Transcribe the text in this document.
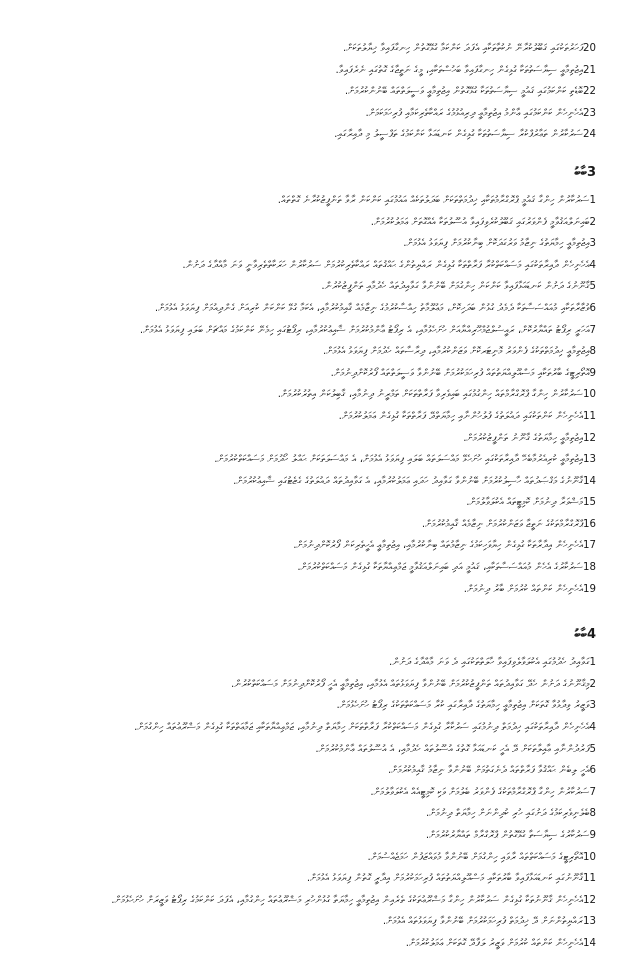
20ފަހަރުތަކުގައި ޤަބޫލުކުރާނޭ ނުކުތާތަކާއި އެފަދަ ކަންކަމާ ގުޅޭގޮތުން ހިނގާފައިވާ ޚިޔާލުތަކަށް.
21އިޖުތިމާޢީ ސިޔާސަތުތަކާ ގުޅިގެން ހިނގާފައިވާ ބަހުސްތަކާއި، މީގެ ނަތީޖާގެ ގޮތުގައި ނެރެފައިވާ.
22ބޮޑެތި ކަންކަމުގައި ޤައުމީ ސިޔާސަތުތަކާ ގުޅޭގޮތުން އިޖުތިމާޢީ ވަސީލަތްތައް ބޭނުންކުރުމަށް.
23އެހެނިހެން ކަންކަމުގައި ޢާންމު އިޖުތިމާޢީ ދިރިއުޅުމުގެ ރައްކާތެރިކަމާއި ފުރިހަމަކަމަށް.
24ސަރުކާރުން ތަޢާރުފްކުރާ ސިޔާސަތުތަކާ ގުޅިގެން ކަނޑައަޅާ ކަންކަމުގެ ތަފްސީލު މި ދާއިރާގައި.
3ބާބު
1ސަރުކާރުން ހިންގާ ޤައުމީ ޕްރޮގްރާމުތަކާއި ޚިދުމަތްތަކަށް ބަދަލުތަކެއް އައުމުގައި ކަންކަން ރާވާ ތަންފީޒުކުރާނެ ގޮތްތައް.
2ބައިނަލްއަޤުވާމީ ފެންވަރުގައި ޤަބޫލުކުރެވިފައިވާ އުސޫލުތަކާ އެއްގޮތަށް ޢަމަލުކުރުމަށް.
3އިޖުތިމާޢީ ހިމާޔަތުގެ ނިޒާމު ވަރުގަދަކޮށް ބިނާކުރުމަށް ފިޔަވަޅު އެޅުމަށް.
4އެހެނިހެން ދާއިރާތަކުގައި މަސައްކަތްކުރާ ފަރާތްތަކާ ގުޅިގެން ރައްޔިތުންގެ ޙައްޤުތައް ރައްކާތެރިކުރުމަށް ސަރުކާރުން ހަރަކާތްތެރިވާނީ ވަނަ މާއްދާގެ ދަށުން.
5ޤާނޫނުގެ ދަށުން ކަނޑައަޅާފައިވާ ކަންކަން ހިންގުމަށް ބޭނުންވާ ގަވާއިދުތައް ހެދުމާއި ތަންފީޒުކުރުން.
6ވުޒާރާތަކާއި މުއައްސަސާތަކާ ދެމެދު ގުޅުން ބަދަހިކޮށް، މަޢުލޫމާތު ހިއްސާކުރުމުގެ ނިޒާމެއް ޤާއިމުކުރުމާއި، އެކަމާ ގުޅޭ ކަންކަން ކުރިއަށް ގެންދިއުމަށް ފިޔަވަޅު އެޅުމަށް.
7އަހަރީ ރިޕޯޓު ތައްޔާރުކޮށް، ރައީސުލްޖުމްހޫރިއްޔާއަށް ހުށަހެޅުމާއި، އެ ރިޕޯޓު ޢާންމުކުރުމަށް ޝާއިޢުކުރުމާއި، ރިޕޯޓުގައި ހިމެނޭ ކަންކަމުގެ މައްޗަށް ބަލައި ފިޔަވަޅު އެޅުމަށް.
8އިޖުތިމާޢީ ޚިދުމަތްތަކުގެ ފެންވަރު މޮނިޓަރކޮށް ވަޒަންކުރުމާއި، ދިރާސާތައް ހެދުމަށް ފިޔަވަޅު އެޅުމަށް.
9އޮތޯރިޓީގެ ބާރުތަކާއި މަސްއޫލިއްޔަތުތައް ފުރިހަމަކުރުމަށް ބޭނުންވާ ވަސީލަތްތައް ފޯރުކޮށްދިނުމަށް.
10ސަރުކާރުން ހިންގާ ޕްރޮގްރާމްތައް ހިންގުމުގައި ބައިވެރިވާ ފަރާތްތަކަށް ތަމްރީނު ދިނުމާއި، ޤާބިލުކަން އިތުރުކުރުމަށް.
11އެހެނިހެން ކަންތަކުގައި ދައުލަތުގެ ފުލުހުންނާއި ހިމާޔަތްދޭ ފަރާތްތަކާ ގުޅިގެން ޢަމަލުކުރުމަށް.
12އިޖުތިމާޢީ ހިމާޔަތުގެ ޤާނޫނު ތަންފީޒުކުރުމަށް.
13އިޖުތިމާޢީ ކުރިއެރުމާބެހޭ ދާއިރާތަކުގައި ހުށަހެޅޭ މައްސަލަތައް ބަލައި ފިޔަވަޅު އެޅުމަށް، އެ މައްސަލަތަކަށް ޙައްލު ހޯދުމަށް މަސައްކަތްކުރުމަށް.
14ޤާނޫނުގެ މަޤްޞަދުތައް ހާސިލުކުރުމަށް ބޭނުންވާ ގަވާއިދު ހަދައި ޢަމަލުކުރުމާއި، އެ ގަވާއިދުތައް ދައުލަތުގެ ގެޒެޓުގައި ޝާއިޢުކުރުމަށް.
15މަޝްވަރާ ދިނުމަށް ކޮމިޓީތައް އެކުލަވާލުމަށް.
16ޕްރޮގްރާމްތަކުގެ ނަތީޖާ ވަޒަންކުރުމަށް ނިޒާމެއް ޤާއިމުކުރުމަށް.
17އެހެނިހެން އިދާރާތަކާ ގުޅިގެން ހިޔާވަހިކަމުގެ ނިޒާމުތައް ބިނާކުރުމާއި، އިޖުތިމާޢީ އެހީތެރިކަން ފޯރުކޮށްދިނުމަށް.
18ސަރުކާރުގެ އެހެން މުއައްސަސާތަކާއި، ޤައުމީ އަދި ބައިނަލްއަޤުވާމީ ޖަމްޢިއްޔާތަކާ ގުޅިގެން މަސައްކަތްކުރުމަށް.
19އެހެނިހެން ކަންތައް ކުރުމަށް ބާރު ދިނުމަށް.
4ބާބު
1ގަވާއިދު ހެދުމުގައި އެކުލަވާލެވިފައިވާ ހާލަތްތަކުގައި ދެ ވަނަ މާއްދާގެ ދަށުން.
2މިޤާނޫނުގެ ދަށުން ހެދޭ ގަވާއިދުތައް ތަންފީޒުކުރުމަށް ބޭނުންވާ ފިޔަވަޅުތައް އެޅުމާއި، އިޖުތިމާޢީ އެހީ ފޯރުކޮށްދިނުމަށް މަސައްކަތްކުރުން.
3ވަޒީރު ވިދާޅުވާ ގޮތަކަށް އިޖުތިމާޢީ ހިމާޔަތުގެ ދާއިރާގައި ކުރާ މަސައްކަތްތަކުގެ ރިޕޯޓު ހުށަހެޅުމަށް.
4އެހެނިހެން ދާއިރާތަކުގައި ޚިދުމަތް ދިނުމުގައި ސަރުކާރާ ގުޅިގެން މަސައްކަތްކުރާ ފަރާތްތަކަށް ހިމާޔަތް ދިނުމާއި، ޖަމްޢިއްޔާތަކާއި ޖަމާޢަތްތަކާ ގުޅިގެން މަޝްރޫޢުތައް ހިންގުމަށް.
5ފަރުދުންނާއި ޢާއިލާތަކަށް ދޭ އެހީ ކަނޑައަޅާ ގޮތުގެ އުސޫލުތައް ހެދުމާއި، އެ އުސޫލުތައް ޢާންމުކުރުމަށް.
6އެހީ ލިބެން ޙައްޤުވާ ފަރާތްތައް ދެނެގަތުމަށް ބޭނުންވާ ނިޒާމު ޤާއިމުކުރުމަށް.
7ސަރުކާރުން ހިންގާ ޕްރޮގްރާމްތަކުގެ ފެންވަރު ބެލުމަށް ވަކި ކޮމިޓީއެއް އެކުލަވާލުމަށް.
8ބެލެނިވެރިކަމުގެ ދަށުގައި ހުރި ކުދިންނަށް ހިމާޔަތް ދިނުމަށް.
9ސަރުކާރުގެ ސިޔާސަތާ ގުޅޭގޮތުން ޕްރޮގްރާމް ތައްޔާރުކުރުމަށް.
10އޮތޯރިޓީގެ މަސައްކަތްތައް ރާވައި ހިންގުމަށް ބޭނުންވާ މުވައްޒަފުން ހަމަޖެއްސުމަށް.
11ޤާނޫނުގައި ކަނޑައަޅާފައިވާ ބާރުތަކާއި މަސްއޫލިއްޔަތުތައް ފުރިހަމަކުރުމަށް އިދާރީ ގޮތުން ފިޔަވަޅު އެޅުމަށް.
12އެހެނިހެން ޤާނޫނުތަކާ ގުޅިގެން ސަރުކާރުން ހިންގާ މަޝްރޫޢުތަކުގެ ތެރެއިން އިޖުތިމާޢީ ހިމާޔަތާ ގުޅުންހުރި މަޝްރޫޢުތައް ހިންގުމާއި، އެފަދަ ކަންކަމުގެ ރިޕޯޓު ވަޒީރަށް ހުށަހެޅުމަށް.
13ރައްޔިތުންނަށް ދޭ ޚިދުމަތް ފުރިހަމަކުރުމަށް ބޭނުންވާ ފިޔަވަޅުތައް އެޅުމަށް.
14އެހެނިހެން ކަންތައް ކުރުމަށް ވަޒީރު ލަފާދޭ ގޮތަކަށް ޢަމަލުކުރުމަށް.
